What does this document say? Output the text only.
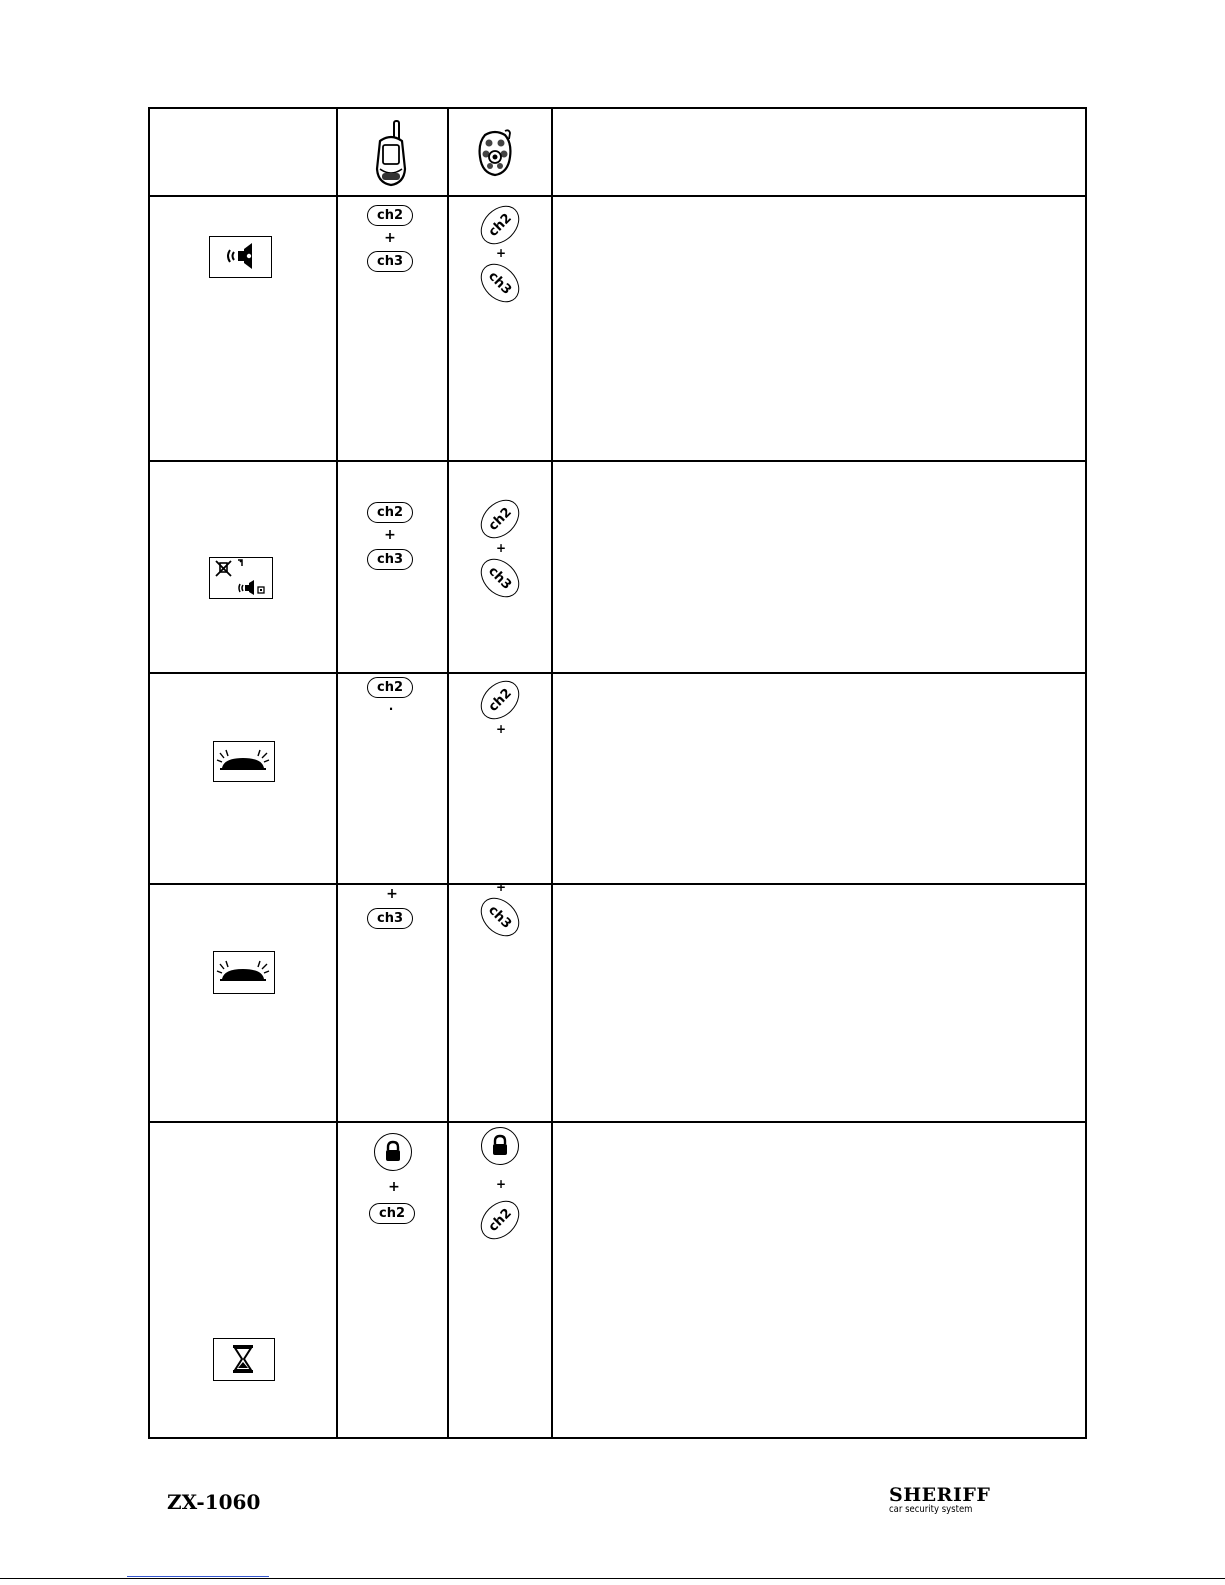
ch2
+
ch3
ch2
+
ch3
ch2
+
ch3
ch2
+
ch3
ch2
.	ch2
+
+
ch3
+
ch3
+
ch2
+
ch2
ZX-1060	SHERIFF
car security system
